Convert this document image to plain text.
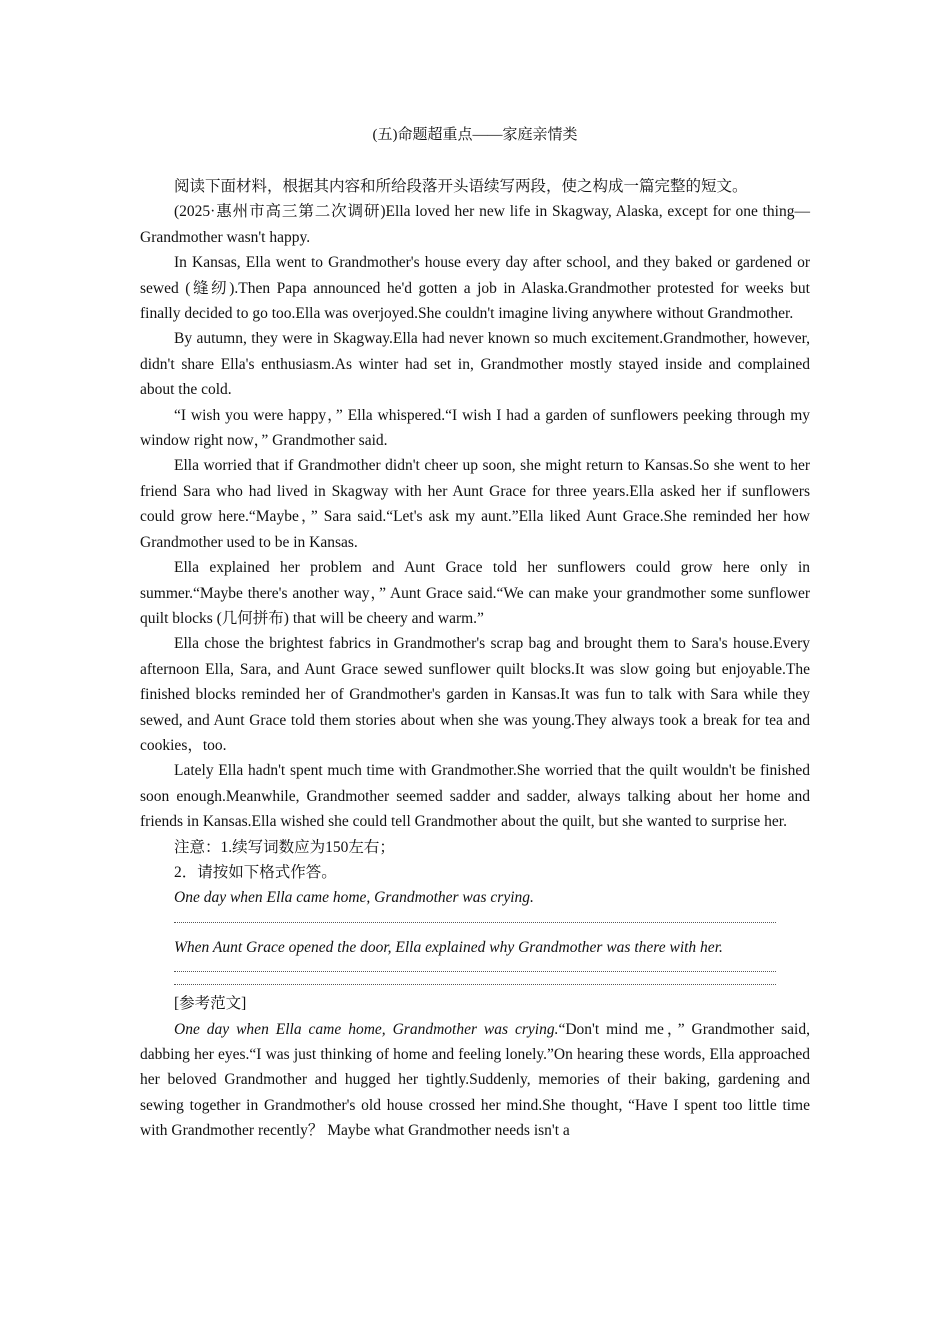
(五)命题超重点——家庭亲情类

阅读下面材料，根据其内容和所给段落开头语续写两段，使之构成一篇完整的短文。

(2025·惠州市高三第二次调研)Ella loved her new life in Skagway, Alaska, except for one thing—Grandmother wasn't happy.

In Kansas, Ella went to Grandmother's house every day after school, and they baked or gardened or sewed (缝纫).Then Papa announced he'd gotten a job in Alaska.Grandmother protested for weeks but finally decided to go too.Ella was overjoyed.She couldn't imagine living anywhere without Grandmother.

By autumn, they were in Skagway.Ella had never known so much excitement.Grandmother, however, didn't share Ella's enthusiasm.As winter had set in, Grandmother mostly stayed inside and complained about the cold.

“I wish you were happy，” Ella whispered.“I wish I had a garden of sunflowers peeking through my window right now，” Grandmother said.

Ella worried that if Grandmother didn't cheer up soon, she might return to Kansas.So she went to her friend Sara who had lived in Skagway with her Aunt Grace for three years.Ella asked her if sunflowers could grow here.“Maybe，” Sara said.“Let's ask my aunt.”Ella liked Aunt Grace.She reminded her how Grandmother used to be in Kansas.

Ella explained her problem and Aunt Grace told her sunflowers could grow here only in summer.“Maybe there's another way，” Aunt Grace said.“We can make your grandmother some sunflower quilt blocks (几何拼布) that will be cheery and warm.”

Ella chose the brightest fabrics in Grandmother's scrap bag and brought them to Sara's house.Every afternoon Ella, Sara, and Aunt Grace sewed sunflower quilt blocks.It was slow going but enjoyable.The finished blocks reminded her of Grandmother's garden in Kansas.It was fun to talk with Sara while they sewed, and Aunt Grace told them stories about when she was young.They always took a break for tea and cookies，too.

Lately Ella hadn't spent much time with Grandmother.She worried that the quilt wouldn't be finished soon enough.Meanwhile, Grandmother seemed sadder and sadder, always talking about her home and friends in Kansas.Ella wished she could tell Grandmother about the quilt, but she wanted to surprise her.

注意：1.续写词数应为150左右；

2．请按如下格式作答。

One day when Ella came home, Grandmother was crying.

When Aunt Grace opened the door, Ella explained why Grandmother was there with her.

[参考范文]

One day when Ella came home, Grandmother was crying.“Don't mind me，” Grandmother said, dabbing her eyes.“I was just thinking of home and feeling lonely.”On hearing these words, Ella approached her beloved Grandmother and hugged her tightly.Suddenly, memories of their baking, gardening and sewing together in Grandmother's old house crossed her mind.She thought, “Have I spent too little time with Grandmother recently？ Maybe what Grandmother needs isn't a
